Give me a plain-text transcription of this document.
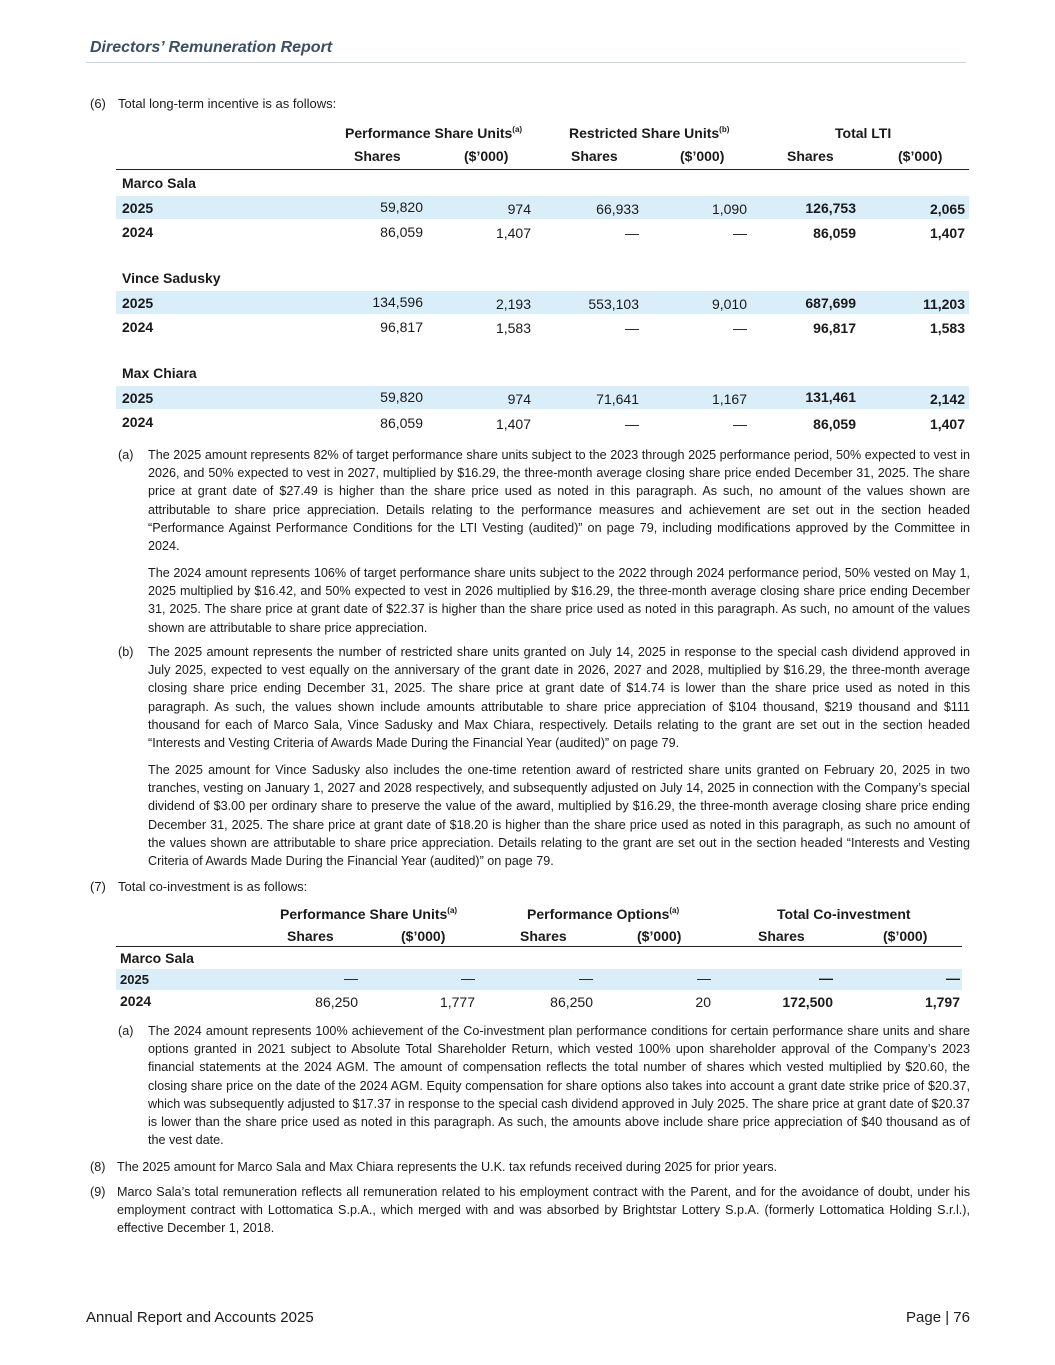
Directors’ Remuneration Report
(6) Total long-term incentive is as follows:
Performance Share Units$^{(a)}$	Restricted Share Units$^{(b)}$	Total LTI
Shares	($’000)	Shares	($’000)	Shares	($’000)
Marco Sala
2025	59,820	974	66,933	1,090	126,753	2,065
2024	86,059	1,407	—	—	86,059	1,407
Vince Sadusky
2025	134,596	2,193	553,103	9,010	687,699	11,203
2024	96,817	1,583	—	—	96,817	1,583
Max Chiara
2025	59,820	974	71,641	1,167	131,461	2,142
2024	86,059	1,407	—	—	86,059	1,407
(a) The 2025 amount represents 82% of target performance share units subject to the 2023 through 2025 performance period, 50% expected to vest in 2026, and 50% expected to vest in 2027, multiplied by $16.29, the three-month average closing share price ended December 31, 2025. The share price at grant date of $27.49 is higher than the share price used as noted in this paragraph. As such, no amount of the values shown are attributable to share price appreciation. Details relating to the performance measures and achievement are set out in the section headed “Performance Against Performance Conditions for the LTI Vesting (audited)” on page 79, including modifications approved by the Committee in 2024.
The 2024 amount represents 106% of target performance share units subject to the 2022 through 2024 performance period, 50% vested on May 1, 2025 multiplied by $16.42, and 50% expected to vest in 2026 multiplied by $16.29, the three-month average closing share price ending December 31, 2025. The share price at grant date of $22.37 is higher than the share price used as noted in this paragraph. As such, no amount of the values shown are attributable to share price appreciation.
(b) The 2025 amount represents the number of restricted share units granted on July 14, 2025 in response to the special cash dividend approved in July 2025, expected to vest equally on the anniversary of the grant date in 2026, 2027 and 2028, multiplied by $16.29, the three-month average closing share price ending December 31, 2025. The share price at grant date of $14.74 is lower than the share price used as noted in this paragraph. As such, the values shown include amounts attributable to share price appreciation of $104 thousand, $219 thousand and $111 thousand for each of Marco Sala, Vince Sadusky and Max Chiara, respectively. Details relating to the grant are set out in the section headed “Interests and Vesting Criteria of Awards Made During the Financial Year (audited)” on page 79.
The 2025 amount for Vince Sadusky also includes the one-time retention award of restricted share units granted on February 20, 2025 in two tranches, vesting on January 1, 2027 and 2028 respectively, and subsequently adjusted on July 14, 2025 in connection with the Company’s special dividend of $3.00 per ordinary share to preserve the value of the award, multiplied by $16.29, the three-month average closing share price ending December 31, 2025. The share price at grant date of $18.20 is higher than the share price used as noted in this paragraph, as such no amount of the values shown are attributable to share price appreciation. Details relating to the grant are set out in the section headed “Interests and Vesting Criteria of Awards Made During the Financial Year (audited)” on page 79.
(7) Total co-investment is as follows:
Performance Share Units$^{(a)}$	Performance Options$^{(a)}$	Total Co-investment
Shares	($’000)	Shares	($’000)	Shares	($’000)
Marco Sala
2025	—	—	—	—	—	—
2024	86,250	1,777	86,250	20	172,500	1,797
(a) The 2024 amount represents 100% achievement of the Co-investment plan performance conditions for certain performance share units and share options granted in 2021 subject to Absolute Total Shareholder Return, which vested 100% upon shareholder approval of the Company’s 2023 financial statements at the 2024 AGM. The amount of compensation reflects the total number of shares which vested multiplied by $20.60, the closing share price on the date of the 2024 AGM. Equity compensation for share options also takes into account a grant date strike price of $20.37, which was subsequently adjusted to $17.37 in response to the special cash dividend approved in July 2025. The share price at grant date of $20.37 is lower than the share price used as noted in this paragraph. As such, the amounts above include share price appreciation of $40 thousand as of the vest date.
(8) The 2025 amount for Marco Sala and Max Chiara represents the U.K. tax refunds received during 2025 for prior years.
(9) Marco Sala’s total remuneration reflects all remuneration related to his employment contract with the Parent, and for the avoidance of doubt, under his employment contract with Lottomatica S.p.A., which merged with and was absorbed by Brightstar Lottery S.p.A. (formerly Lottomatica Holding S.r.l.), effective December 1, 2018.
Annual Report and Accounts 2025	Page | 76
